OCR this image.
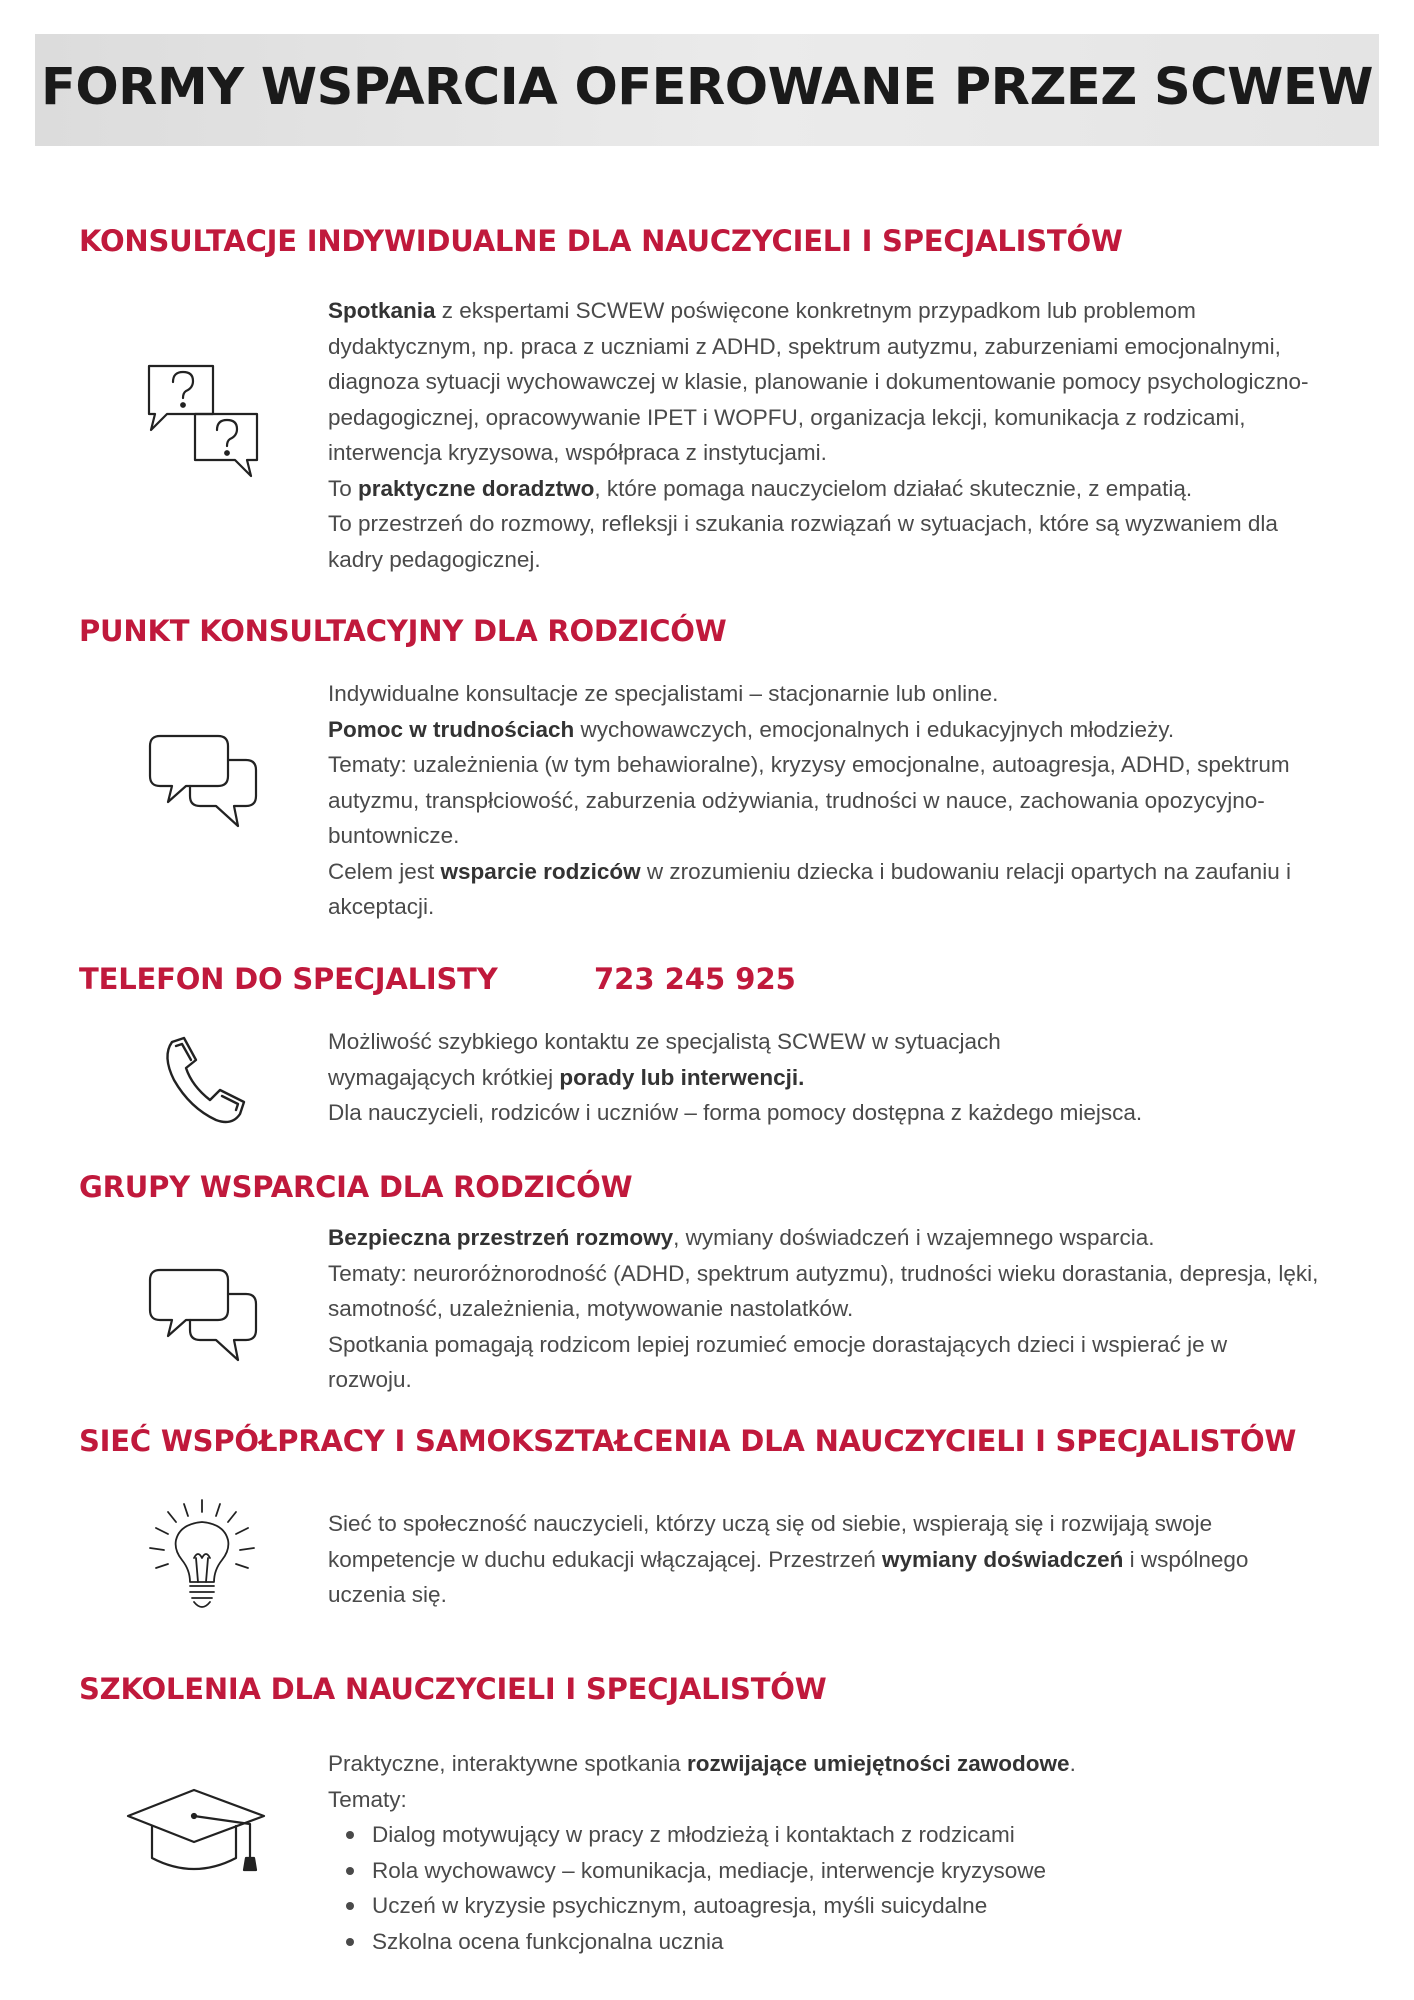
FORMY WSPARCIA OFEROWANE PRZEZ SCWEW
KONSULTACJE INDYWIDUALNE DLA NAUCZYCIELI I SPECJALISTÓW

Spotkania z ekspertami SCWEW poświęcone konkretnym przypadkom lub problemom dydaktycznym, np. praca z uczniami z ADHD, spektrum autyzmu, zaburzeniami emocjonalnymi, diagnoza sytuacji wychowawczej w klasie, planowanie i dokumentowanie pomocy psychologiczno-pedagogicznej, opracowywanie IPET i WOPFU, organizacja lekcji, komunikacja z rodzicami, interwencja kryzysowa, współpraca z instytucjami.

To praktyczne doradztwo, które pomaga nauczycielom działać skutecznie, z empatią.

To przestrzeń do rozmowy, refleksji i szukania rozwiązań w sytuacjach, które są wyzwaniem dla kadry pedagogicznej.

PUNKT KONSULTACYJNY DLA RODZICÓW

Indywidualne konsultacje ze specjalistami – stacjonarnie lub online.

Pomoc w trudnościach wychowawczych, emocjonalnych i edukacyjnych młodzieży.

Tematy: uzależnienia (w tym behawioralne), kryzysy emocjonalne, autoagresja, ADHD, spektrum autyzmu, transpłciowość, zaburzenia odżywiania, trudności w nauce, zachowania opozycyjno-buntownicze.

Celem jest wsparcie rodziców w zrozumieniu dziecka i budowaniu relacji opartych na zaufaniu i akceptacji.

TELEFON DO SPECJALISTY	723 245 925

Możliwość szybkiego kontaktu ze specjalistą SCWEW w sytuacjach

wymagających krótkiej porady lub interwencji.

Dla nauczycieli, rodziców i uczniów – forma pomocy dostępna z każdego miejsca.

GRUPY WSPARCIA DLA RODZICÓW

Bezpieczna przestrzeń rozmowy, wymiany doświadczeń i wzajemnego wsparcia.

Tematy: neuroróżnorodność (ADHD, spektrum autyzmu), trudności wieku dorastania, depresja, lęki, samotność, uzależnienia, motywowanie nastolatków.

Spotkania pomagają rodzicom lepiej rozumieć emocje dorastających dzieci i wspierać je w rozwoju.

SIEĆ WSPÓŁPRACY I SAMOKSZTAŁCENIA DLA NAUCZYCIELI I SPECJALISTÓW

Sieć to społeczność nauczycieli, którzy uczą się od siebie, wspierają się i rozwijają swoje kompetencje w duchu edukacji włączającej. Przestrzeń wymiany doświadczeń i wspólnego uczenia się.

SZKOLENIA DLA NAUCZYCIELI I SPECJALISTÓW

Praktyczne, interaktywne spotkania rozwijające umiejętności zawodowe.

Tematy:

Dialog motywujący w pracy z młodzieżą i kontaktach z rodzicami
Rola wychowawcy – komunikacja, mediacje, interwencje kryzysowe
Uczeń w kryzysie psychicznym, autoagresja, myśli suicydalne
Szkolna ocena funkcjonalna ucznia
